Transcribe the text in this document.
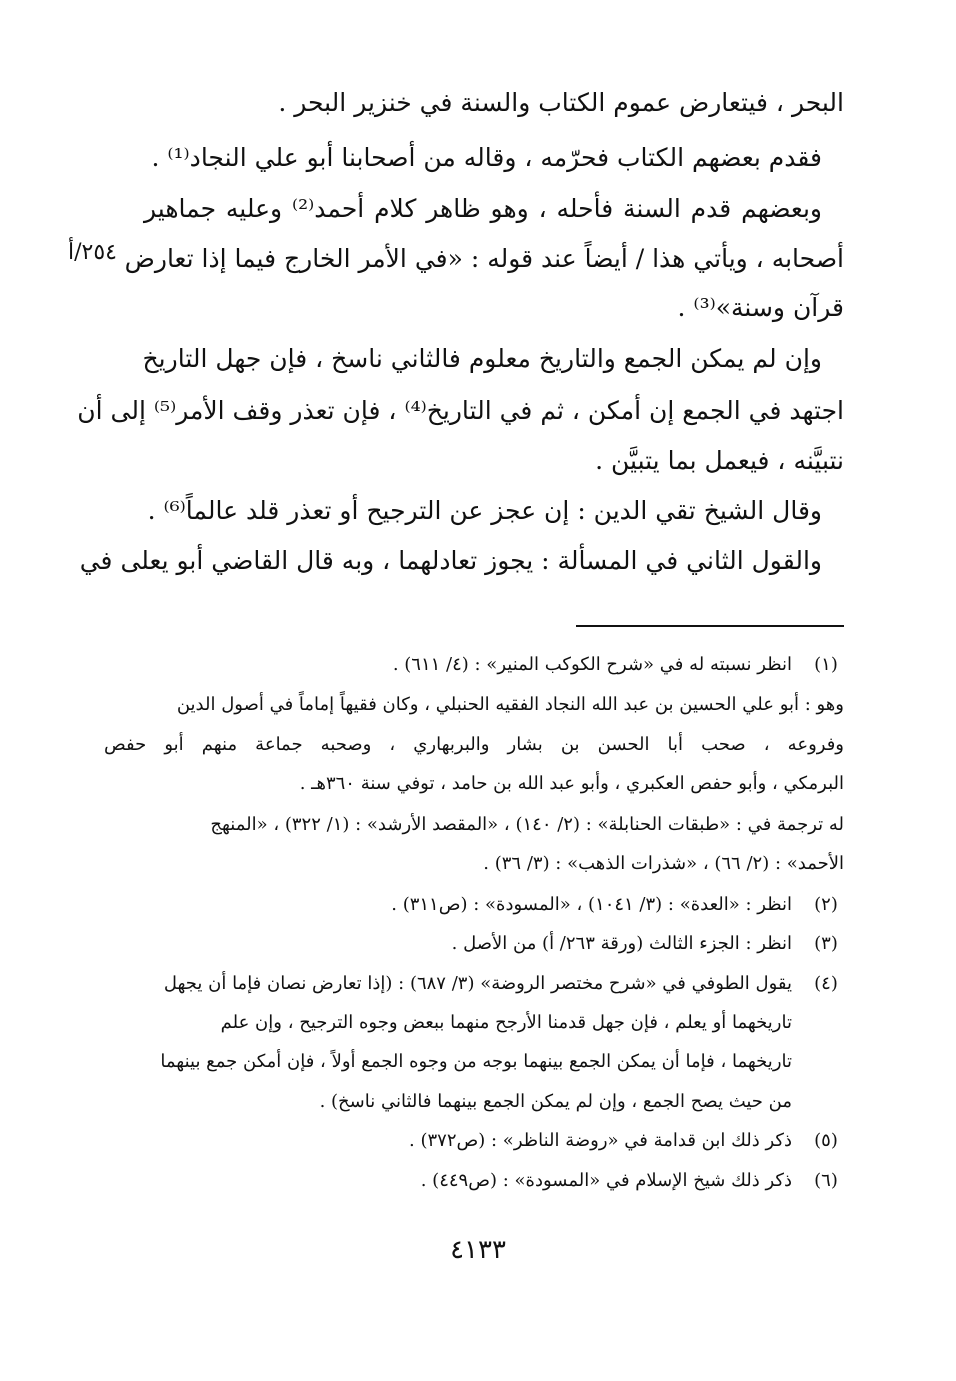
البحر ، فيتعارض عموم الكتاب والسنة في خنزير البحر .
فقدم بعضهم الكتاب فحرّمه ، وقاله من أصحابنا أبو علي النجاد⁽¹⁾ .
وبعضهم قدم السنة فأحله ، وهو ظاهر كلام أحمد⁽²⁾ وعليه جماهير
أصحابه ، ويأتي هذا / أيضاً عند قوله : «في الأمر الخارج فيما إذا تعارض
قرآن وسنة»⁽³⁾ .
وإن لم يمكن الجمع والتاريخ معلوم فالثاني ناسخ ، فإن جهل التاريخ
اجتهد في الجمع إن أمكن ، ثم في التاريخ⁽⁴⁾ ، فإن تعذر وقف الأمر⁽⁵⁾ إلى أن
نتبيَّنه ، فيعمل بما يتبيَّن .
وقال الشيخ تقي الدين : إن عجز عن الترجيح أو تعذر قلد عالماً⁽⁶⁾ .
والقول الثاني في المسألة : يجوز تعادلهما ، وبه قال القاضي أبو يعلى في
٢٥٤/أ
(١)
انظر نسبته له في «شرح الكوكب المنير» : (٤/ ٦١١) .
وهو : أبو علي الحسين بن عبد الله النجاد الفقيه الحنبلي ، وكان فقيهاً إماماً في أصول الدين
وفروعه ، صحب أبا الحسن بن بشار والبربهاري ، وصحبه جماعة منهم أبو حفص
البرمكي ، وأبو حفص العكبري ، وأبو عبد الله بن حامد ، توفي سنة ٣٦٠هـ .
له ترجمة في : «طبقات الحنابلة» : (٢/ ١٤٠) ، «المقصد الأرشد» : (١/ ٣٢٢) ، «المنهج
الأحمد» : (٢/ ٦٦) ، «شذرات الذهب» : (٣/ ٣٦) .
(٢)
انظر : «العدة» : (٣/ ١٠٤١) ، «المسودة» : (ص٣١١) .
(٣)
انظر : الجزء الثالث (ورقة ٢٦٣/ أ) من الأصل .
(٤)
يقول الطوفي في «شرح مختصر الروضة» (٣/ ٦٨٧) : (إذا تعارض نصان فإما أن يجهل
تاريخهما أو يعلم ، فإن جهل قدمنا الأرجح منهما ببعض وجوه الترجيح ، وإن علم
تاريخهما ، فإما أن يمكن الجمع بينهما بوجه من وجوه الجمع أولاً ، فإن أمكن جمع بينهما
من حيث يصح الجمع ، وإن لم يمكن الجمع بينهما فالثاني ناسخ) .
(٥)
ذكر ذلك ابن قدامة في «روضة الناظر» : (ص٣٧٢) .
(٦)
ذكر ذلك شيخ الإسلام في «المسودة» : (ص٤٤٩) .
٤١٣٣
